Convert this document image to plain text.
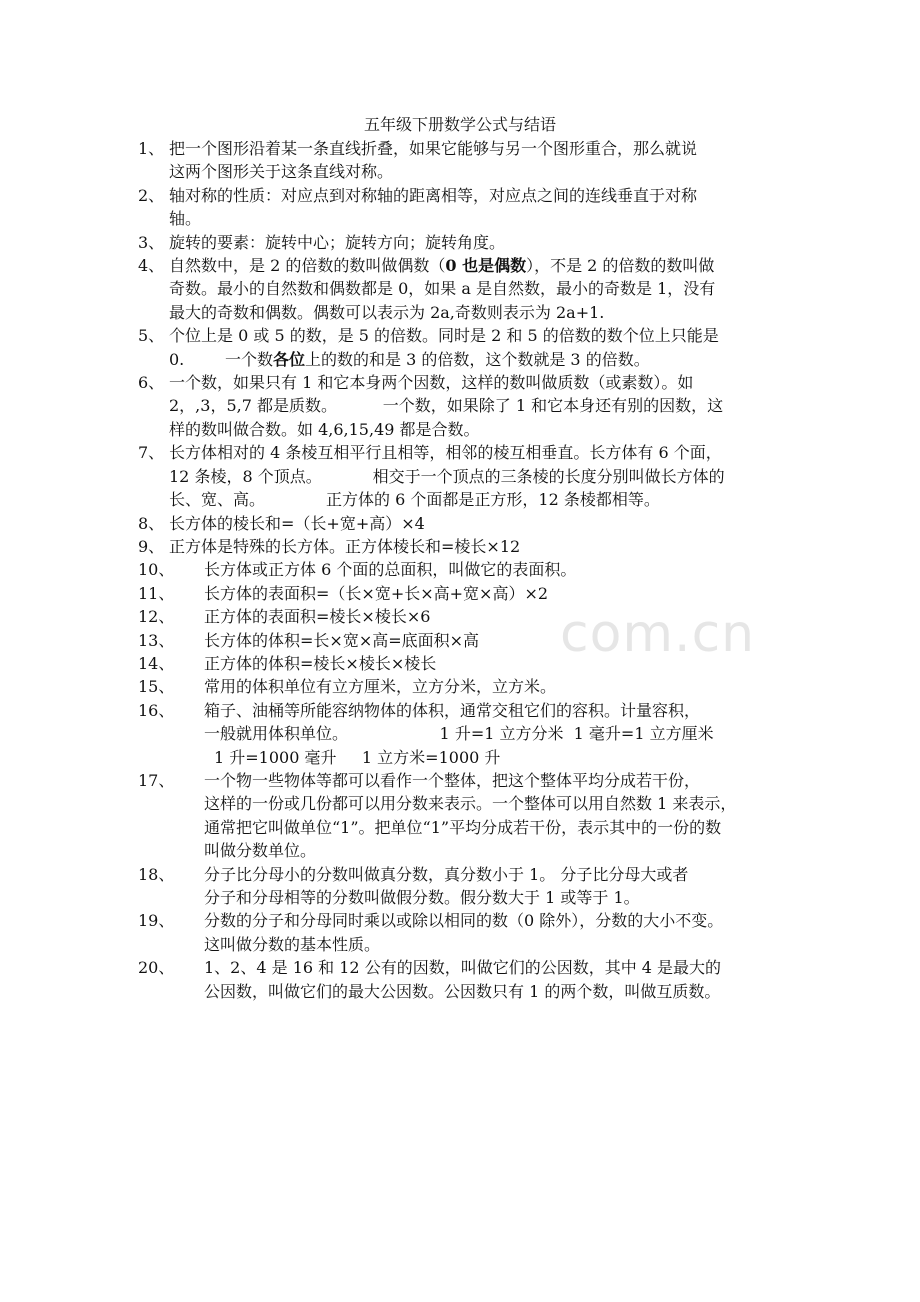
com.cn
五年级下册数学公式与结语
1、 把一个图形沿着某一条直线折叠，如果它能够与另一个图形重合，那么就说
这两个图形关于这条直线对称。
2、 轴对称的性质：对应点到对称轴的距离相等，对应点之间的连线垂直于对称
轴。
3、 旋转的要素：旋转中心；旋转方向；旋转角度。
4、 自然数中，是 2 的倍数的数叫做偶数（0 也是偶数），不是 2 的倍数的数叫做
奇数。最小的自然数和偶数都是 0，如果 a 是自然数，最小的奇数是 1，没有
最大的奇数和偶数。偶数可以表示为 2a,奇数则表示为 2a+1.
5、 个位上是 0 或 5 的数，是 5 的倍数。同时是 2 和 5 的倍数的数个位上只能是
0.        一个数各位上的数的和是 3 的倍数，这个数就是 3 的倍数。
6、 一个数，如果只有 1 和它本身两个因数，这样的数叫做质数（或素数）。如
2，,3，5,7 都是质数。         一个数，如果除了 1 和它本身还有别的因数，这
样的数叫做合数。如 4,6,15,49 都是合数。
7、 长方体相对的 4 条棱互相平行且相等，相邻的棱互相垂直。长方体有 6 个面，
12 条棱，8 个顶点。          相交于一个顶点的三条棱的长度分别叫做长方体的
长、宽、高。            正方体的 6 个面都是正方形，12 条棱都相等。
8、 长方体的棱长和=（长+宽+高）×4
9、 正方体是特殊的长方体。正方体棱长和=棱长×12
10、	长方体或正方体 6 个面的总面积，叫做它的表面积。
11、	长方体的表面积=（长×宽+长×高+宽×高）×2
12、	正方体的表面积=棱长×棱长×6
13、	长方体的体积=长×宽×高=底面积×高
14、	正方体的体积=棱长×棱长×棱长
15、	常用的体积单位有立方厘米，立方分米，立方米。
16、	箱子、油桶等所能容纳物体的体积，通常交租它们的容积。计量容积，
一般就用体积单位。                  1 升=1 立方分米  1 毫升=1 立方厘米
1 升=1000 毫升     1 立方米=1000 升
17、	一个物一些物体等都可以看作一个整体，把这个整体平均分成若干份，
这样的一份或几份都可以用分数来表示。一个整体可以用自然数 1 来表示，
通常把它叫做单位“1”。把单位“1”平均分成若干份，表示其中的一份的数
叫做分数单位。
18、	分子比分母小的分数叫做真分数，真分数小于 1。 分子比分母大或者
分子和分母相等的分数叫做假分数。假分数大于 1 或等于 1。
19、	分数的分子和分母同时乘以或除以相同的数（0 除外），分数的大小不变。
这叫做分数的基本性质。
20、	1、2、4 是 16 和 12 公有的因数，叫做它们的公因数，其中 4 是最大的
公因数，叫做它们的最大公因数。公因数只有 1 的两个数，叫做互质数。
